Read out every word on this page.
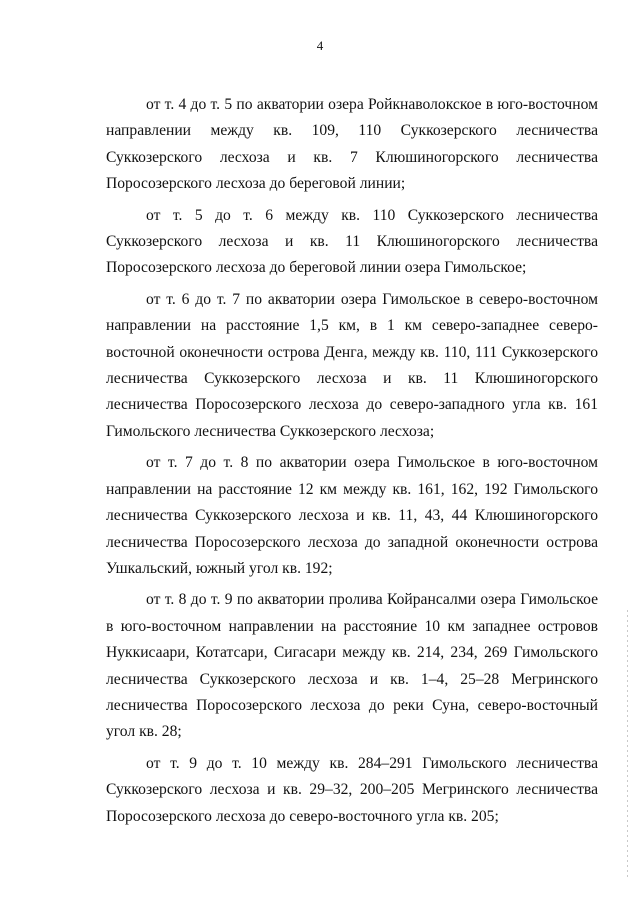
4

от т. 4 до т. 5 по акватории озера Ройкнаволокское в юго-восточном направлении между кв. 109, 110 Суккозерского лесничества Суккозерского лесхоза и кв. 7 Клюшиногорского лесничества Поросозерского лесхоза до береговой линии;

от т. 5 до т. 6 между кв. 110 Суккозерского лесничества Суккозерского лесхоза и кв. 11 Клюшиногорского лесничества Поросозерского лесхоза до береговой линии озера Гимольское;

от т. 6 до т. 7 по акватории озера Гимольское в северо-восточном направлении на расстояние 1,5 км, в 1 км северо-западнее северо-восточной оконечности острова Денга, между кв. 110, 111 Суккозерского лесничества Суккозерского лесхоза и кв. 11 Клюшиногорского лесничества Поросозерского лесхоза до северо-западного угла кв. 161 Гимольского лесничества Суккозерского лесхоза;

от т. 7 до т. 8 по акватории озера Гимольское в юго-восточном направлении на расстояние 12 км между кв. 161, 162, 192 Гимольского лесничества Суккозерского лесхоза и кв. 11, 43, 44 Клюшиногорского лесничества Поросозерского лесхоза до западной оконечности острова Ушкальский, южный угол кв. 192;

от т. 8 до т. 9 по акватории пролива Койрансалми озера Гимольское в юго-восточном направлении на расстояние 10 км западнее островов Нуккисаари, Котатсари, Сигасари между кв. 214, 234, 269 Гимольского лесничества Суккозерского лесхоза и кв. 1–4, 25–28 Мегринского лесничества Поросозерского лесхоза до реки Суна, северо-восточный угол кв. 28;

от т. 9 до т. 10 между кв. 284–291 Гимольского лесничества Суккозерского лесхоза и кв. 29–32, 200–205 Мегринского лесничества Поросозерского лесхоза до северо-восточного угла кв. 205;
